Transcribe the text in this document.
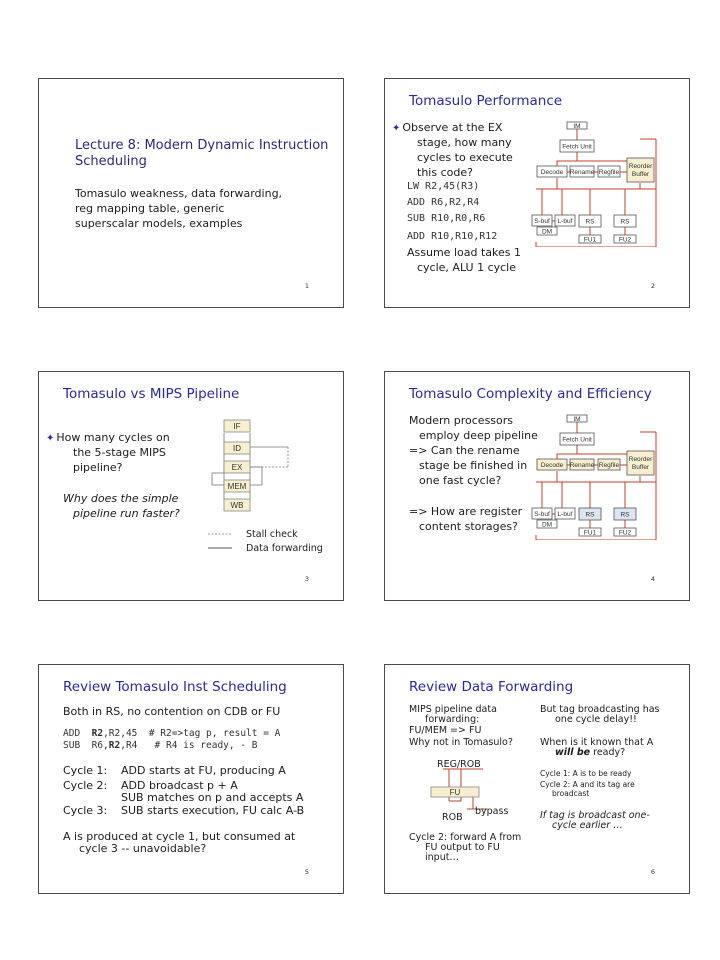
Lecture 8: Modern Dynamic Instruction
Scheduling
Tomasulo weakness, data forwarding,
reg mapping table, generic
superscalar models, examples
1
Tomasulo Performance
✦ Observe at the EX
stage, how many
cycles to execute
this code?
LW R2,45(R3)
ADD R6,R2,R4
SUB R10,R0,R6
ADD R10,R10,R12
Assume load takes 1
cycle, ALU 1 cycle
IM
Fetch Unit
Decode Rename Regfile
Reorder
Buffer
S-buf L-buf RS	RS
DM
FU1	FU2
2
Tomasulo vs MIPS Pipeline
✦ How many cycles on
the 5-stage MIPS
pipeline?
Why does the simple
pipeline run faster?
IF
ID
EX
MEM
WB
Stall check
Data forwarding
3
Tomasulo Complexity and Efficiency
Modern processors
employ deep pipeline
=> Can the rename
stage be finished in
one fast cycle?
=> How are register
content storages?
IM
Fetch Unit
Decode Rename Regfile
Reorder
Buffer
S-buf L-buf RS	RS
DM
FU1	FU2
4
Review Tomasulo Inst Scheduling
Both in RS, no contention on CDB or FU
ADD  R2,R2,45  # R2=>tag p, result = A
SUB  R6,R2,R4   # R4 is ready, - B
Cycle 1: ADD starts at FU, producing A
Cycle 2: ADD broadcast p + A
SUB matches on p and accepts A
Cycle 3: SUB starts execution, FU calc A-B
A is produced at cycle 1, but consumed at
cycle 3 -- unavoidable?
5
Review Data Forwarding
MIPS pipeline data
forwarding:
FU/MEM => FU
Why not in Tomasulo?
FU
REG/ROB
ROB
bypass
Cycle 2: forward A from
FU output to FU
input…
But tag broadcasting has
one cycle delay!!
When is it known that A
will be ready?
Cycle 1: A is to be ready
Cycle 2: A and its tag are
broadcast
If tag is broadcast one-
cycle earlier …
6
